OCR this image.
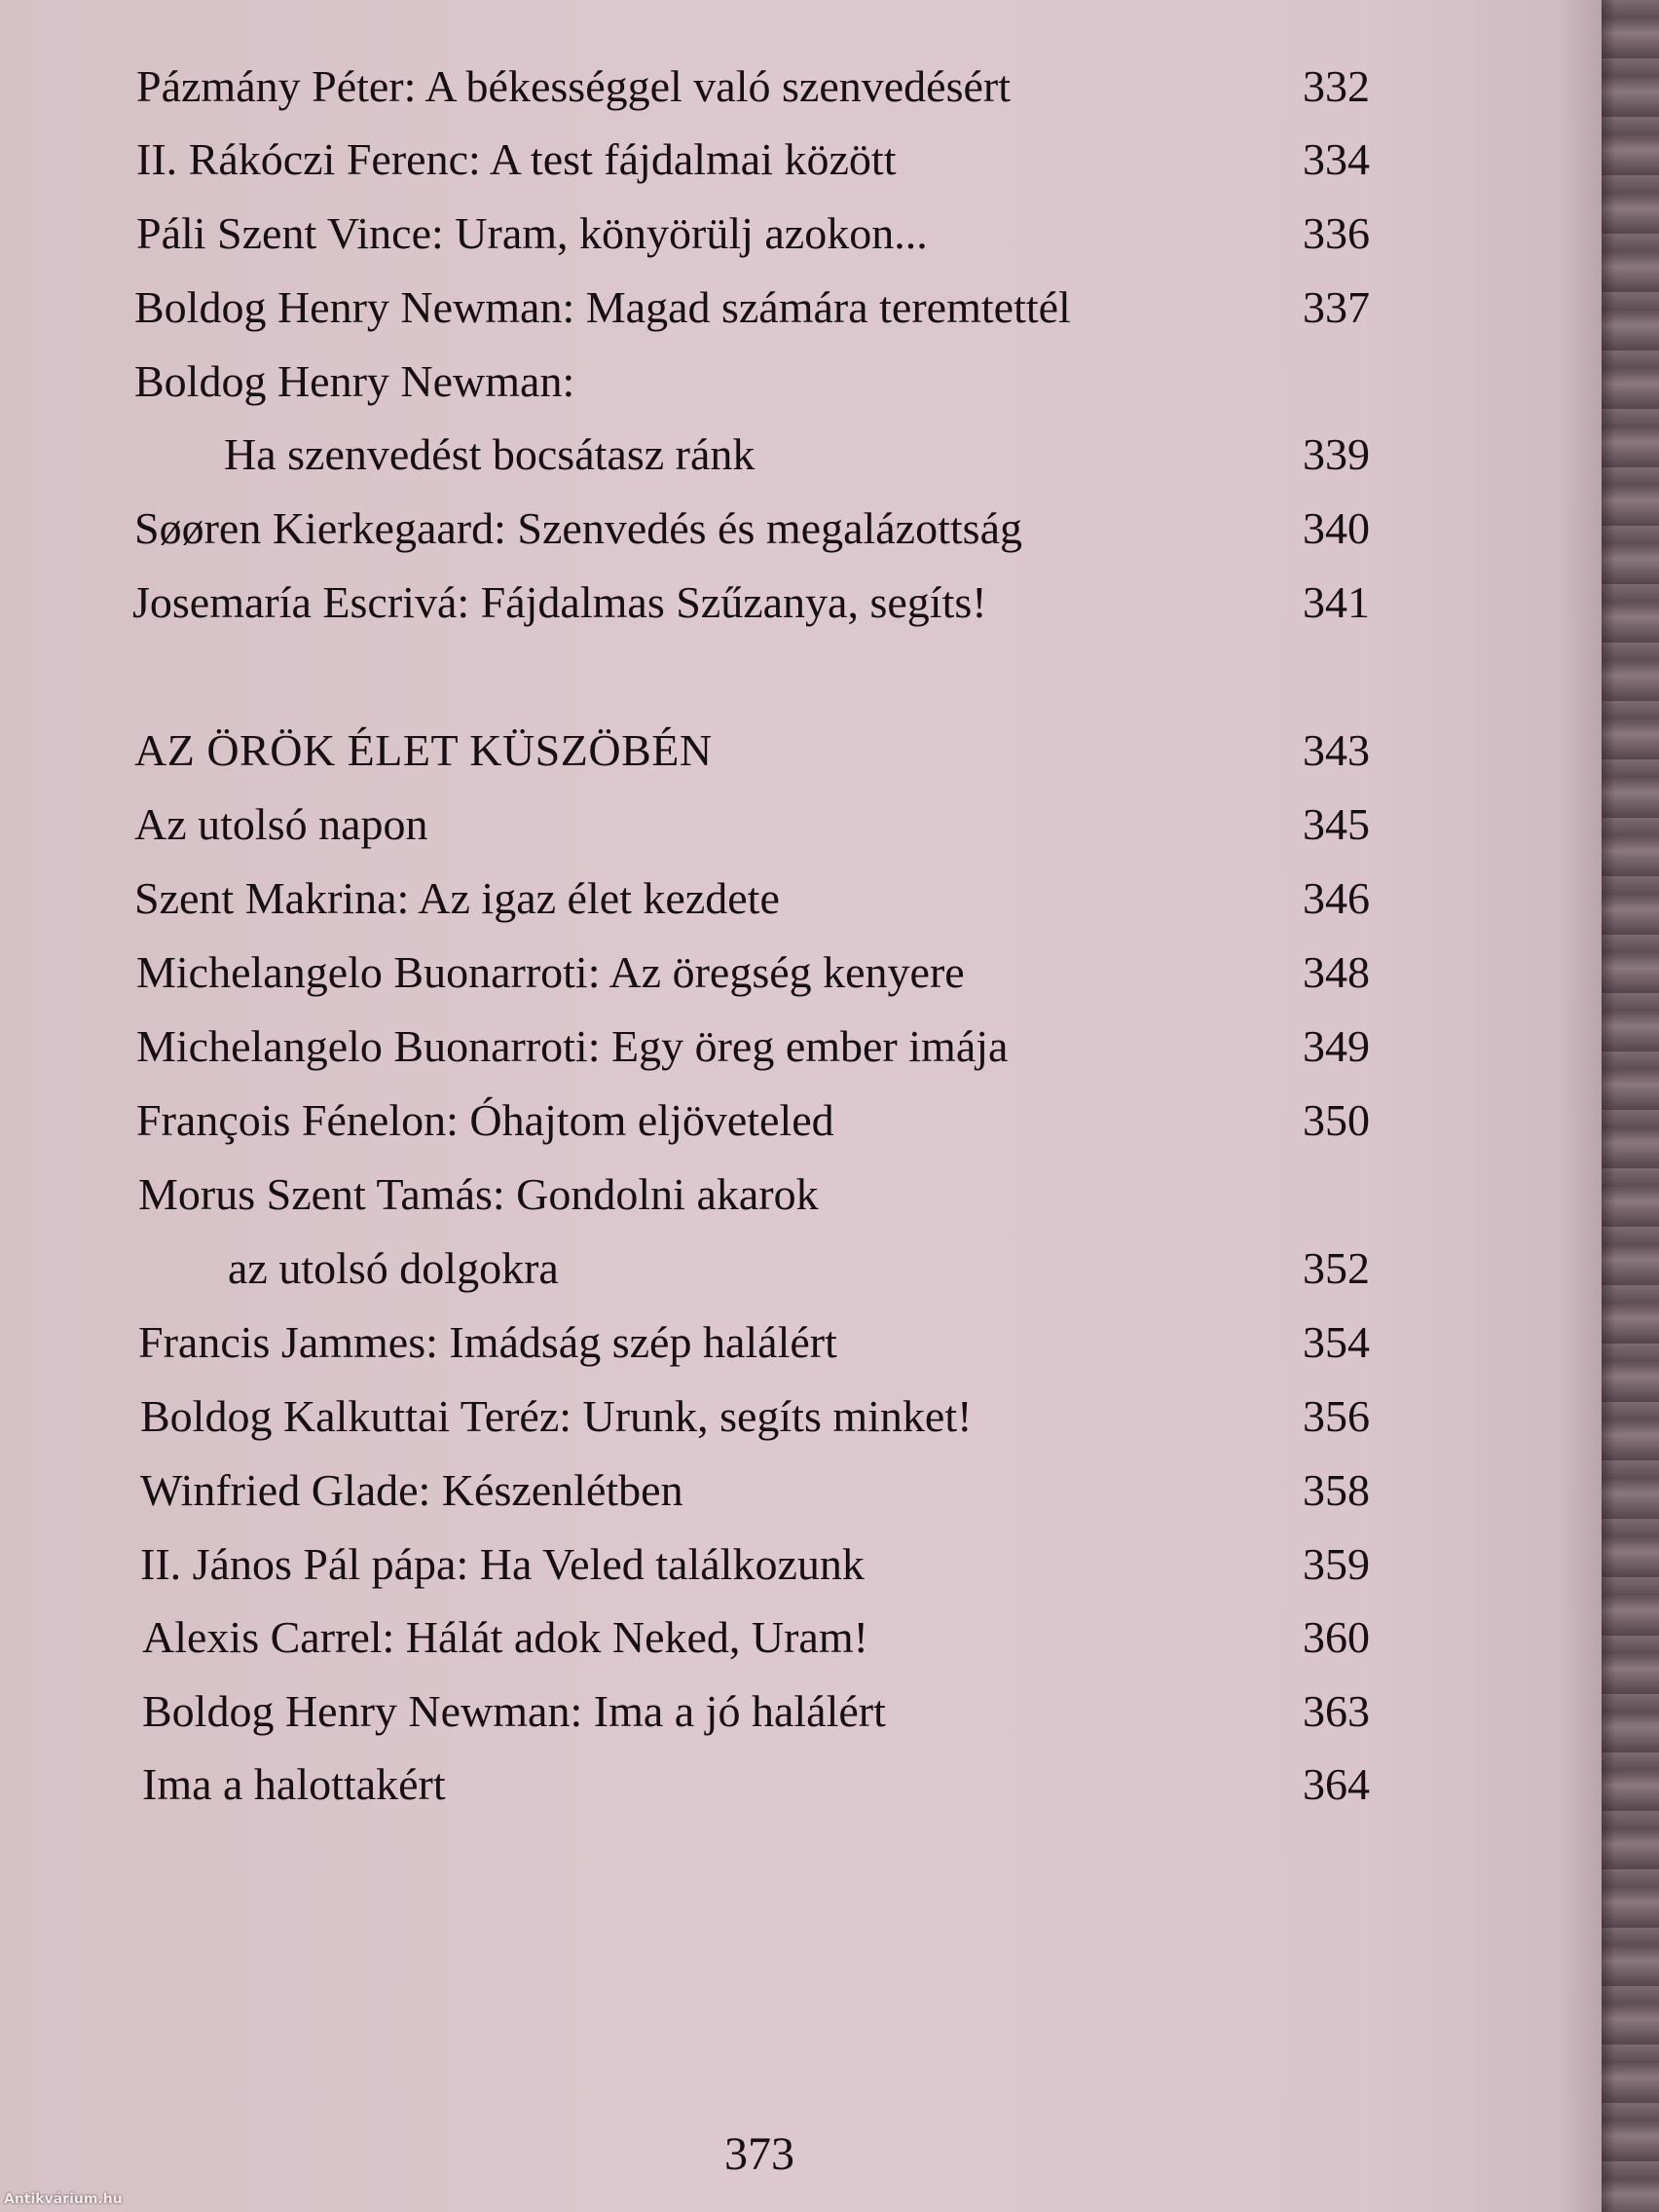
Pázmány Péter: A békességgel való szenvedésért	332
II. Rákóczi Ferenc: A test fájdalmai között	334
Páli Szent Vince: Uram, könyörülj azokon...	336
Boldog Henry Newman: Magad számára teremtettél	337
Boldog Henry Newman:
Ha szenvedést bocsátasz ránk	339
Søøren Kierkegaard: Szenvedés és megalázottság	340
Josemaría Escrivá: Fájdalmas Szűzanya, segíts!	341
AZ ÖRÖK ÉLET KÜSZÖBÉN	343
Az utolsó napon	345
Szent Makrina: Az igaz élet kezdete	346
Michelangelo Buonarroti: Az öregség kenyere	348
Michelangelo Buonarroti: Egy öreg ember imája	349
François Fénelon: Óhajtom eljöveteled	350
Morus Szent Tamás: Gondolni akarok
az utolsó dolgokra	352
Francis Jammes: Imádság szép halálért	354
Boldog Kalkuttai Teréz: Urunk, segíts minket!	356
Winfried Glade: Készenlétben	358
II. János Pál pápa: Ha Veled találkozunk	359
Alexis Carrel: Hálát adok Neked, Uram!	360
Boldog Henry Newman: Ima a jó halálért	363
Ima a halottakért	364
373
Antikvárium.hu
